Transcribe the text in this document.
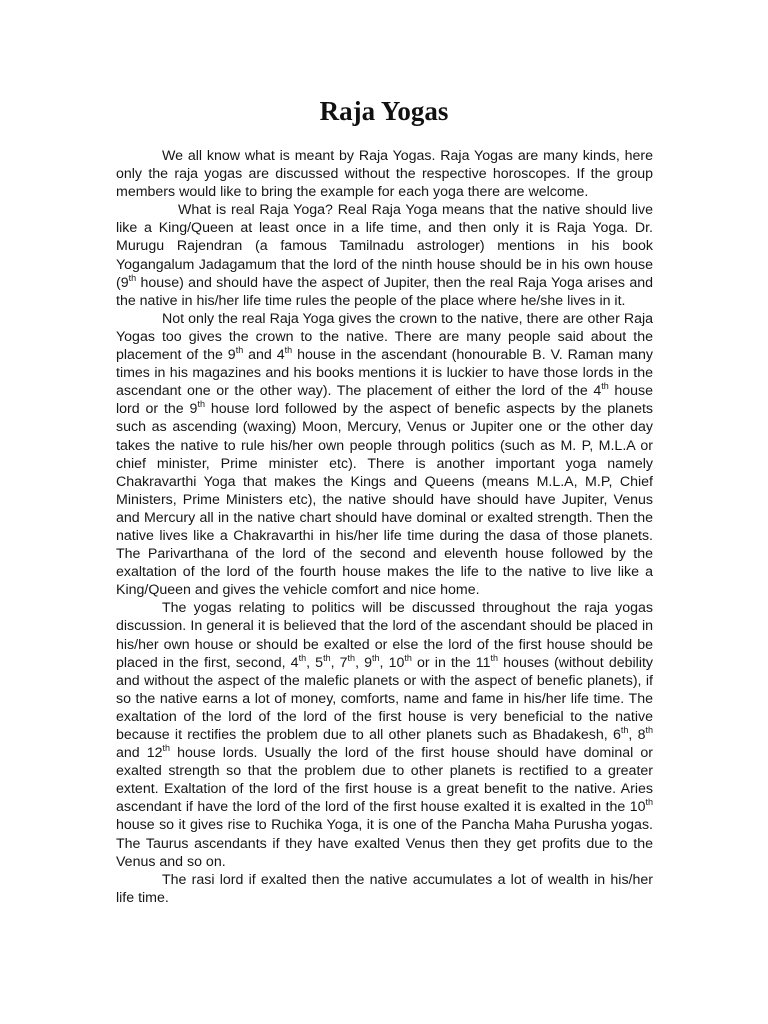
Raja Yogas

We all know what is meant by Raja Yogas. Raja Yogas are many kinds, here only the raja yogas are discussed without the respective horoscopes. If the group members would like to bring the example for each yoga there are welcome.

What is real Raja Yoga? Real Raja Yoga means that the native should live like a King/Queen at least once in a life time, and then only it is Raja Yoga. Dr. Murugu Rajendran (a famous Tamilnadu astrologer) mentions in his book Yogangalum Jadagamum that the lord of the ninth house should be in his own house (9th house) and should have the aspect of Jupiter, then the real Raja Yoga arises and the native in his/her life time rules the people of the place where he/she lives in it.

Not only the real Raja Yoga gives the crown to the native, there are other Raja Yogas too gives the crown to the native. There are many people said about the placement of the 9th and 4th house in the ascendant (honourable B. V. Raman many times in his magazines and his books mentions it is luckier to have those lords in the ascendant one or the other way). The placement of either the lord of the 4th house lord or the 9th house lord followed by the aspect of benefic aspects by the planets such as ascending (waxing) Moon, Mercury, Venus or Jupiter one or the other day takes the native to rule his/her own people through politics (such as M. P, M.L.A or chief minister, Prime minister etc). There is another important yoga namely Chakravarthi Yoga that makes the Kings and Queens (means M.L.A, M.P, Chief Ministers, Prime Ministers etc), the native should have should have Jupiter, Venus and Mercury all in the native chart should have dominal or exalted strength. Then the native lives like a Chakravarthi in his/her life time during the dasa of those planets. The Parivarthana of the lord of the second and eleventh house followed by the exaltation of the lord of the fourth house makes the life to the native to live like a King/Queen and gives the vehicle comfort and nice home.

The yogas relating to politics will be discussed throughout the raja yogas discussion. In general it is believed that the lord of the ascendant should be placed in his/her own house or should be exalted or else the lord of the first house should be placed in the first, second, 4th, 5th, 7th, 9th, 10th or in the 11th houses (without debility and without the aspect of the malefic planets or with the aspect of benefic planets), if so the native earns a lot of money, comforts, name and fame in his/her life time. The exaltation of the lord of the lord of the first house is very beneficial to the native because it rectifies the problem due to all other planets such as Bhadakesh, 6th, 8th and 12th house lords. Usually the lord of the first house should have dominal or exalted strength so that the problem due to other planets is rectified to a greater extent. Exaltation of the lord of the first house is a great benefit to the native. Aries ascendant if have the lord of the lord of the first house exalted it is exalted in the 10th house so it gives rise to Ruchika Yoga, it is one of the Pancha Maha Purusha yogas. The Taurus ascendants if they have exalted Venus then they get profits due to the Venus and so on.

The rasi lord if exalted then the native accumulates a lot of wealth in his/her life time.
